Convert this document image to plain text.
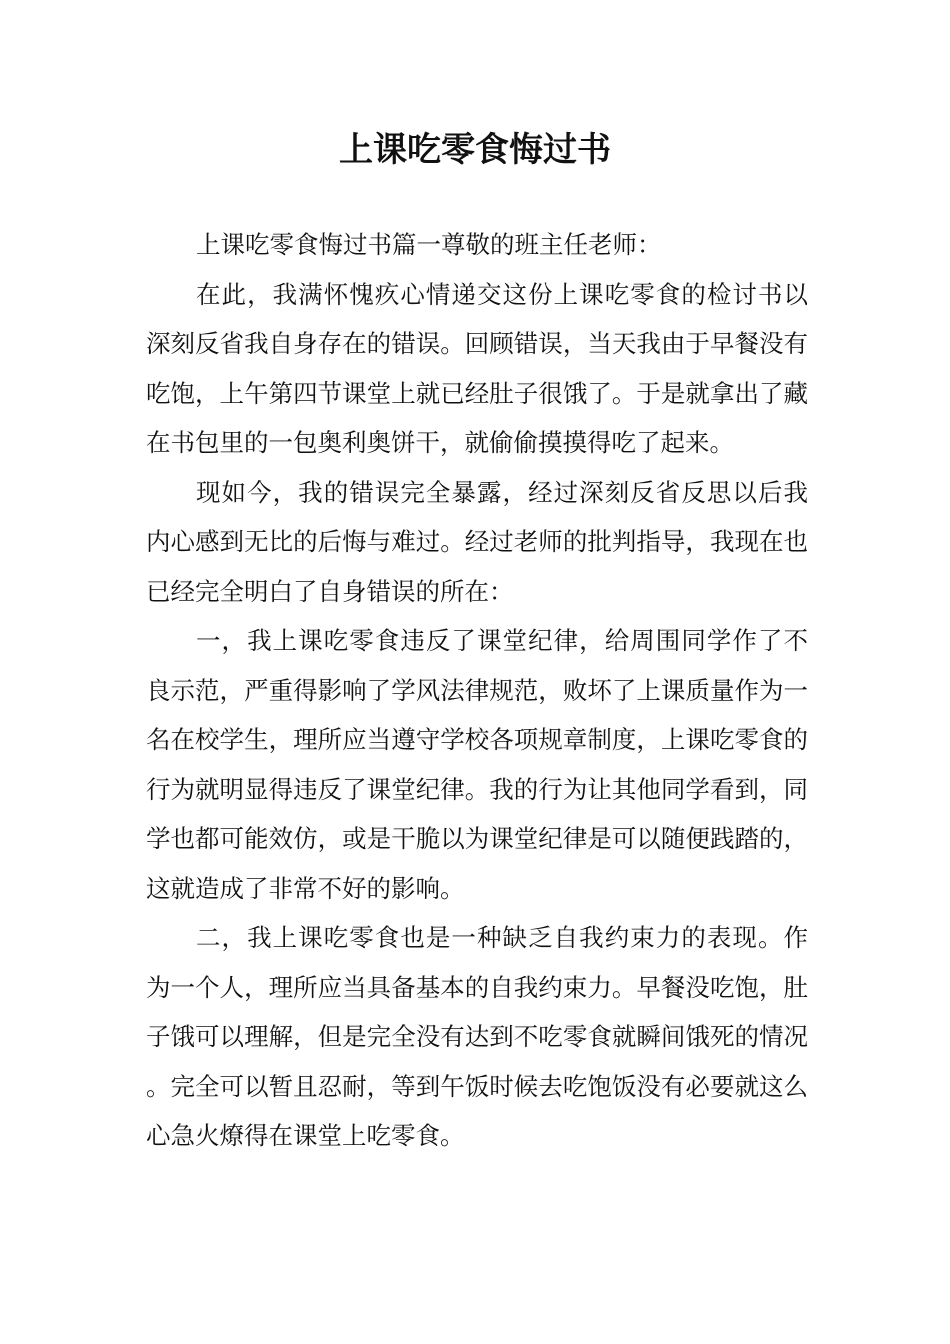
上课吃零食悔过书

上课吃零食悔过书篇一尊敬的班主任老师：

在此，我满怀愧疚心情递交这份上课吃零食的检讨书以深刻反省我自身存在的错误。回顾错误，当天我由于早餐没有吃饱，上午第四节课堂上就已经肚子很饿了。于是就拿出了藏在书包里的一包奥利奥饼干，就偷偷摸摸得吃了起来。

现如今，我的错误完全暴露，经过深刻反省反思以后我内心感到无比的后悔与难过。经过老师的批判指导，我现在也已经完全明白了自身错误的所在：

一，我上课吃零食违反了课堂纪律，给周围同学作了不良示范，严重得影响了学风法律规范，败坏了上课质量作为一名在校学生，理所应当遵守学校各项规章制度，上课吃零食的行为就明显得违反了课堂纪律。我的行为让其他同学看到，同学也都可能效仿，或是干脆以为课堂纪律是可以随便践踏的，这就造成了非常不好的影响。

二，我上课吃零食也是一种缺乏自我约束力的表现。作为一个人，理所应当具备基本的自我约束力。早餐没吃饱，肚子饿可以理解，但是完全没有达到不吃零食就瞬间饿死的情况。完全可以暂且忍耐，等到午饭时候去吃饱饭没有必要就这么心急火燎得在课堂上吃零食。
